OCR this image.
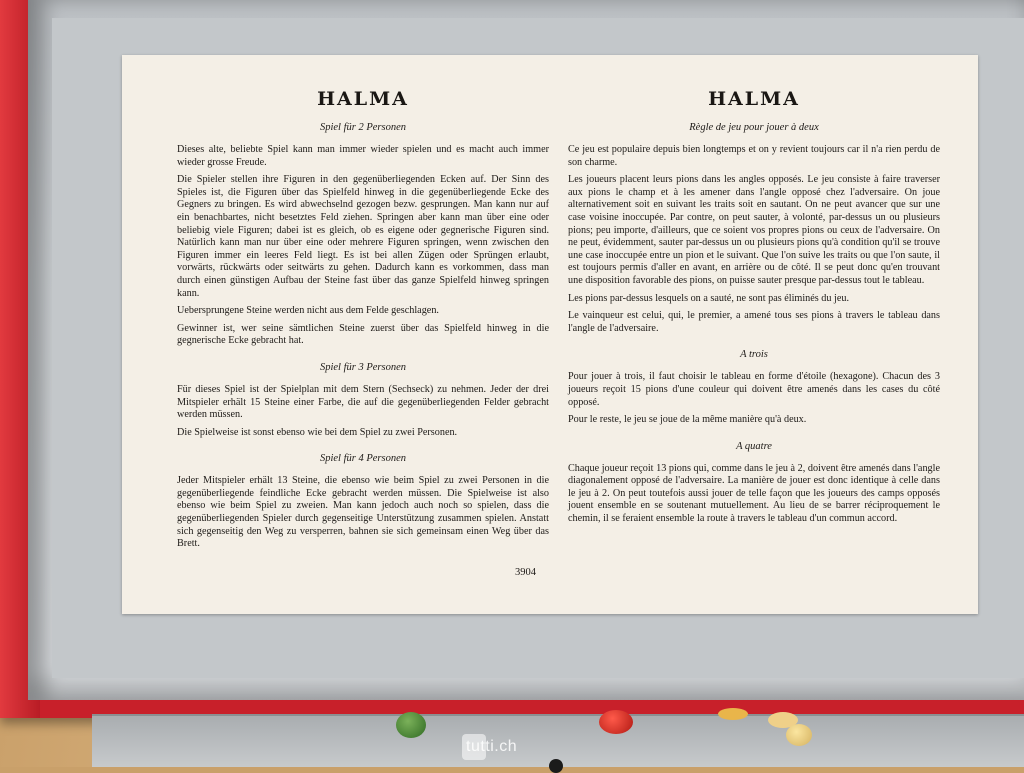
HALMA
Spiel für 2 Personen

Dieses alte, beliebte Spiel kann man immer wieder spielen und es macht auch immer wieder grosse Freude.

Die Spieler stellen ihre Figuren in den gegenüberliegenden Ecken auf. Der Sinn des Spieles ist, die Figuren über das Spielfeld hinweg in die gegenüberliegende Ecke des Gegners zu bringen. Es wird abwechselnd gezogen bezw. gesprungen. Man kann nur auf ein benachbartes, nicht besetztes Feld ziehen. Springen aber kann man über eine oder beliebig viele Figuren; dabei ist es gleich, ob es eigene oder gegnerische Figuren sind. Natürlich kann man nur über eine oder mehrere Figuren springen, wenn zwischen den Figuren immer ein leeres Feld liegt. Es ist bei allen Zügen oder Sprüngen erlaubt, vorwärts, rückwärts oder seitwärts zu gehen. Dadurch kann es vorkommen, dass man durch einen günstigen Aufbau der Steine fast über das ganze Spielfeld hinweg springen kann.

Uebersprungene Steine werden nicht aus dem Felde geschlagen.

Gewinner ist, wer seine sämtlichen Steine zuerst über das Spielfeld hinweg in die gegnerische Ecke gebracht hat.

Spiel für 3 Personen

Für dieses Spiel ist der Spielplan mit dem Stern (Sechseck) zu nehmen. Jeder der drei Mitspieler erhält 15 Steine einer Farbe, die auf die gegenüberliegenden Felder gebracht werden müssen.

Die Spielweise ist sonst ebenso wie bei dem Spiel zu zwei Personen.

Spiel für 4 Personen

Jeder Mitspieler erhält 13 Steine, die ebenso wie beim Spiel zu zwei Personen in die gegenüberliegende feindliche Ecke gebracht werden müssen. Die Spielweise ist also ebenso wie beim Spiel zu zweien. Man kann jedoch auch noch so spielen, dass die gegenüberliegenden Spieler durch gegenseitige Unterstützung zusammen spielen. Anstatt sich gegenseitig den Weg zu versperren, bahnen sie sich gemeinsam einen Weg über das Brett.

3904
HALMA
Règle de jeu pour jouer à deux

Ce jeu est populaire depuis bien longtemps et on y revient toujours car il n'a rien perdu de son charme.

Les joueurs placent leurs pions dans les angles opposés. Le jeu consiste à faire traverser aux pions le champ et à les amener dans l'angle opposé chez l'adversaire. On joue alternativement soit en suivant les traits soit en sautant. On ne peut avancer que sur une case voisine inoccupée. Par contre, on peut sauter, à volonté, par-dessus un ou plusieurs pions; peu importe, d'ailleurs, que ce soient vos propres pions ou ceux de l'adversaire. On ne peut, évidemment, sauter par-dessus un ou plusieurs pions qu'à condition qu'il se trouve une case inoccupée entre un pion et le suivant. Que l'on suive les traits ou que l'on saute, il est toujours permis d'aller en avant, en arrière ou de côté. Il se peut donc qu'en trouvant une disposition favorable des pions, on puisse sauter presque par-dessus tout le tableau.

Les pions par-dessus lesquels on a sauté, ne sont pas éliminés du jeu.

Le vainqueur est celui, qui, le premier, a amené tous ses pions à travers le tableau dans l'angle de l'adversaire.

A trois

Pour jouer à trois, il faut choisir le tableau en forme d'étoile (hexagone). Chacun des 3 joueurs reçoit 15 pions d'une couleur qui doivent être amenés dans les cases du côté opposé.

Pour le reste, le jeu se joue de la même manière qu'à deux.

A quatre

Chaque joueur reçoit 13 pions qui, comme dans le jeu à 2, doivent être amenés dans l'angle diagonalement opposé de l'adversaire. La manière de jouer est donc identique à celle dans le jeu à 2. On peut toutefois aussi jouer de telle façon que les joueurs des camps opposés jouent ensemble en se soutenant mutuellement. Au lieu de se barrer réciproquement le chemin, il se feraient ensemble la route à travers le tableau d'un commun accord.

tutti.ch
